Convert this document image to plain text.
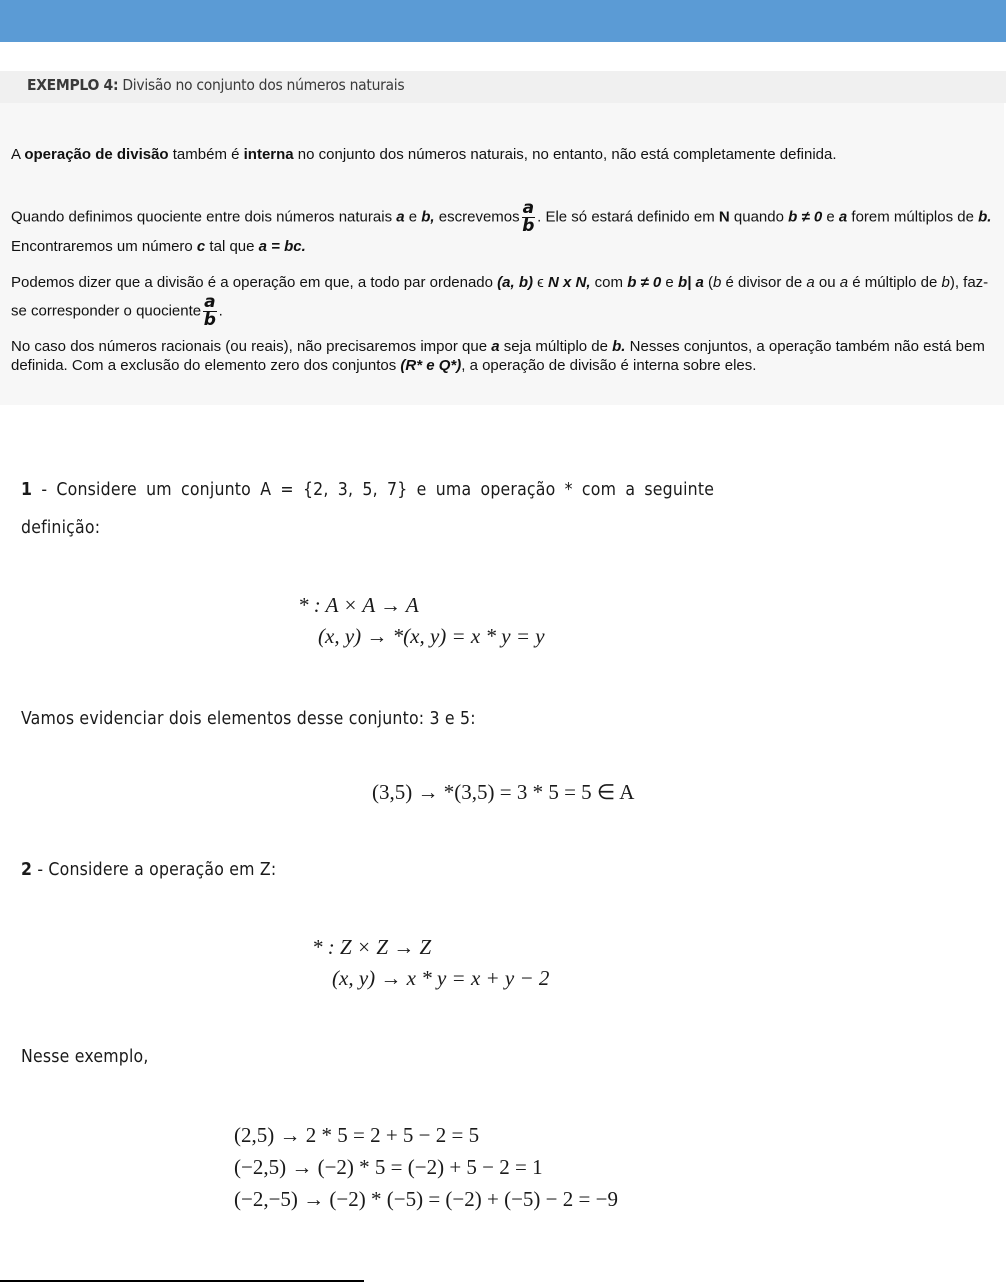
EXEMPLO 4: Divisão no conjunto dos números naturais
A operação de divisão também é interna no conjunto dos números naturais, no entanto, não está completamente definida.
Quando definimos quociente entre dois números naturais a e b, escrevemos $\frac{a}{b}$ . Ele só estará definido em N quando b ≠ 0 e a forem múltiplos de b. Encontraremos um número c tal que a = bc.
Podemos dizer que a divisão é a operação em que, a todo par ordenado (a, b) ϵ N x N, com b ≠ 0 e b| a (b é divisor de a ou a é múltiplo de b), faz-se corresponder o quociente $\frac{a}{b}$ .
No caso dos números racionais (ou reais), não precisaremos impor que a seja múltiplo de b. Nesses conjuntos, a operação também não está bem definida. Com a exclusão do elemento zero dos conjuntos (R* e Q*), a operação de divisão é interna sobre eles.
1 - Considere um conjunto A = {2, 3, 5, 7} e uma operação * com a seguinte
definição:
* : A × A → A
(x, y) → *(x, y) = x * y = y
Vamos evidenciar dois elementos desse conjunto: 3 e 5:
(3,5) → *(3,5) = 3 * 5 = 5 ∈ A
2 - Considere a operação em Z:
* : Z × Z → Z
(x, y) → x * y = x + y − 2
Nesse exemplo,
(2,5) → 2 * 5 = 2 + 5 − 2 = 5
(−2,5) → (−2) * 5 = (−2) + 5 − 2 = 1
(−2,−5) → (−2) * (−5) = (−2) + (−5) − 2 = −9
